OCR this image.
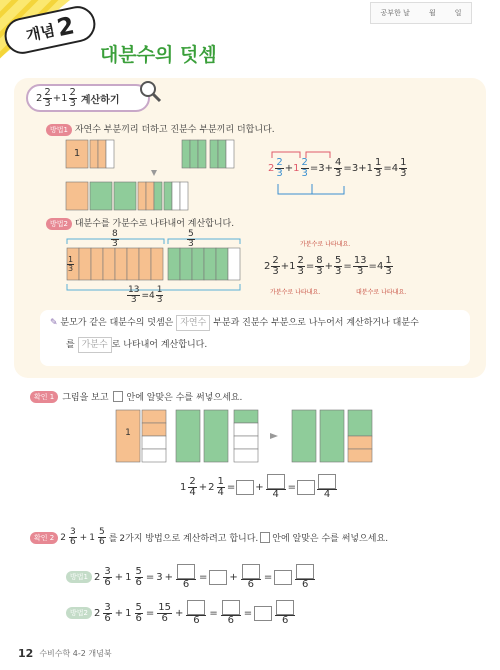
개념
2
대분수의 덧셈
공부한 날	월	일
$2 \frac{2}{3} + 1 \frac{2}{3}$ 계산하기
방법1 자연수 부분끼리 더하고 진분수 부분끼리 더합니다.
1
$2 \frac{2}{3} + 1 \frac{2}{3} = 3 + \frac{4}{3} = 3 + 1 \frac{1}{3} = 4 \frac{1}{3}$
방법2 대분수를 가분수로 나타내어 계산합니다.
$\frac{8}{3}$	$\frac{5}{3}$
$\frac{1}{3}$
$\frac{13}{3} = 4 \frac{1}{3}$
가분수로 나타내요.
$2 \frac{2}{3} + 1 \frac{2}{3} = \frac{8}{3} + \frac{5}{3} = \frac{13}{3} = 4 \frac{1}{3}$
가분수로 나타내요.	대분수로 나타내요.
✎ 분모가 같은 대분수의 덧셈은 자연수 부분과 진분수 부분으로 나누어서 계산하거나 대분수
를 가분수 로 나타내어 계산합니다.
확인 1 그림을 보고 안에 알맞은 수를 써넣으세요.
1
$1 \frac{2}{4} + 2 \frac{1}{4}$ =
+
4
=
4
확인 2 $2 \frac{3}{6} + 1 \frac{5}{6}$ 를 2가지 방법으로 계산하려고 합니다. 안에 알맞은 수를 써넣으세요.
방법1 $2 \frac{3}{6} + 1 \frac{5}{6} = 3$ +
6
=
+
6
=
6
방법2 $2 \frac{3}{6} + 1 \frac{5}{6} = \frac{15}{6}$ +
6
=
6
=
6
12 수비수학 4-2 개념북
